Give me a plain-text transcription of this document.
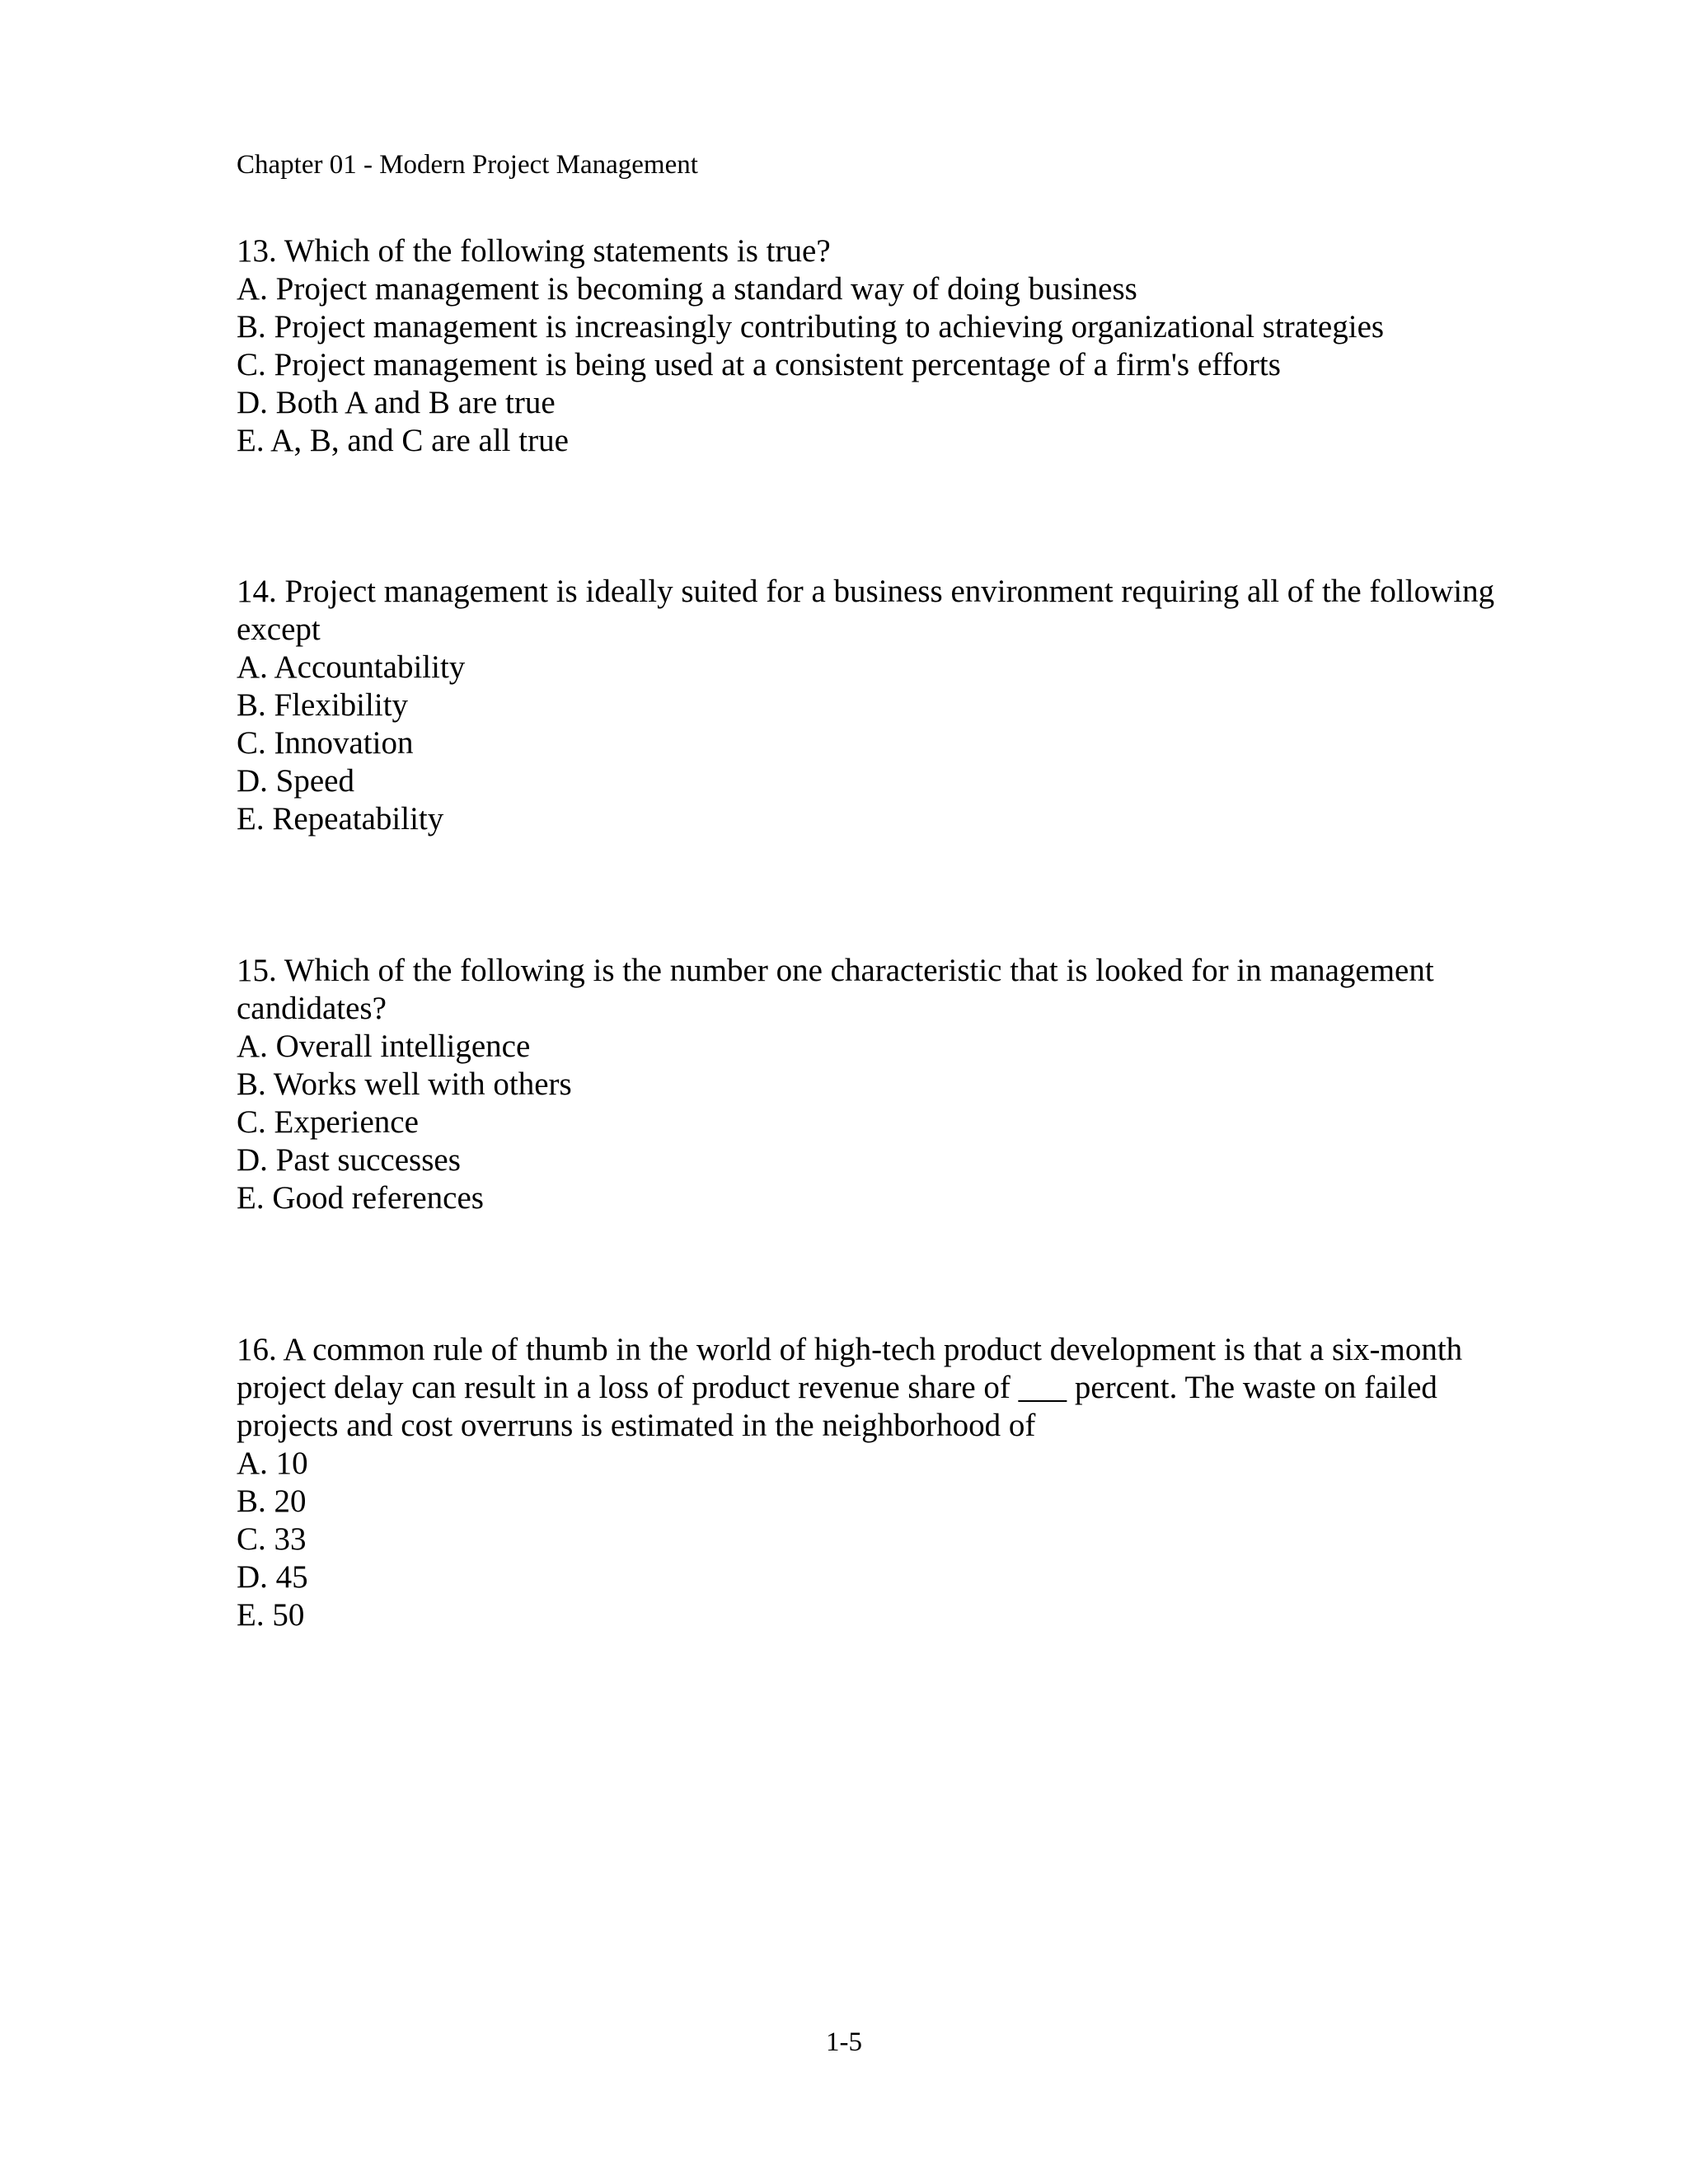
Chapter 01 - Modern Project Management
13. Which of the following statements is true?
A. Project management is becoming a standard way of doing business
B. Project management is increasingly contributing to achieving organizational strategies
C. Project management is being used at a consistent percentage of a firm's efforts
D. Both A and B are true
E. A, B, and C are all true
14. Project management is ideally suited for a business environment requiring all of the following except
A. Accountability
B. Flexibility
C. Innovation
D. Speed
E. Repeatability
15. Which of the following is the number one characteristic that is looked for in management candidates?
A. Overall intelligence
B. Works well with others
C. Experience
D. Past successes
E. Good references
16. A common rule of thumb in the world of high-tech product development is that a six-month project delay can result in a loss of product revenue share of ___ percent. The waste on failed projects and cost overruns is estimated in the neighborhood of
A. 10
B. 20
C. 33
D. 45
E. 50
1-5
